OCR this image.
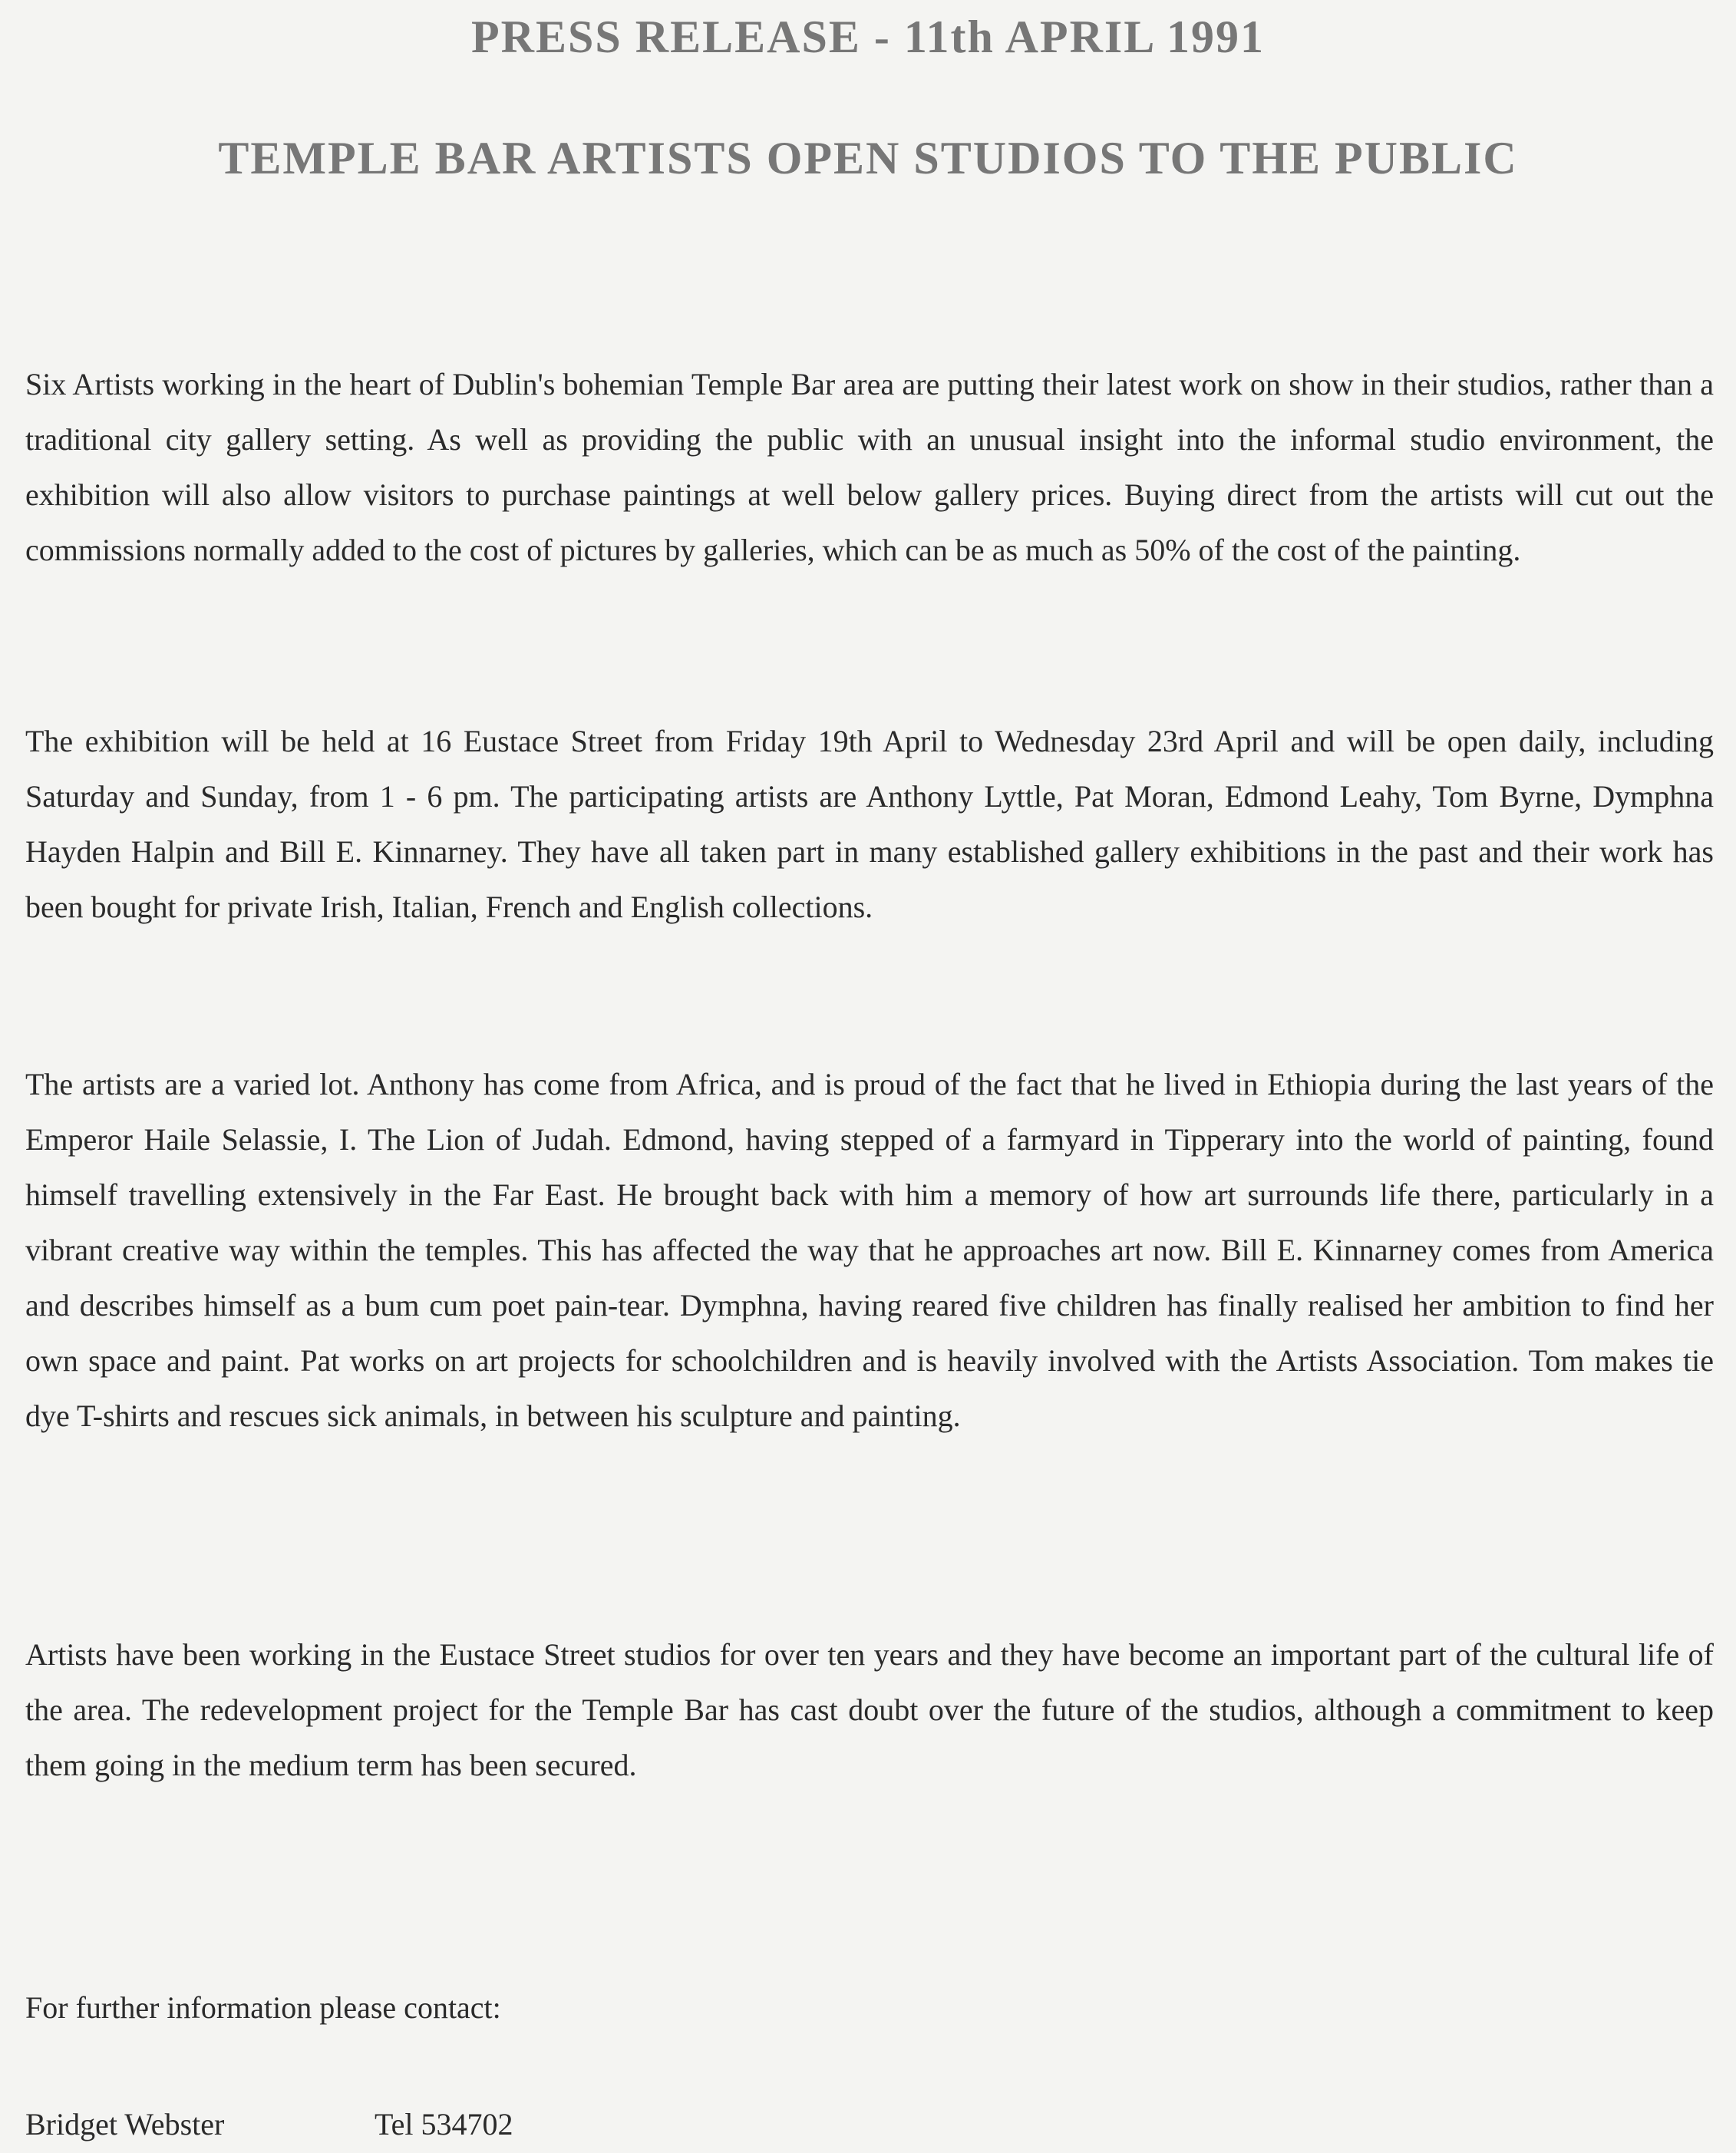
PRESS RELEASE - 11th APRIL 1991
TEMPLE BAR ARTISTS OPEN STUDIOS TO THE PUBLIC

Six Artists working in the heart of Dublin's bohemian Temple Bar area are putting their latest work on show in their studios, rather than a traditional city gallery setting. As well as providing the public with an unusual insight into the informal studio environment, the exhibition will also allow visitors to purchase paintings at well below gallery prices. Buying direct from the artists will cut out the commissions normally added to the cost of pictures by galleries, which can be as much as 50% of the cost of the painting.

The exhibition will be held at 16 Eustace Street from Friday 19th April to Wednesday 23rd April and will be open daily, including Saturday and Sunday, from 1 - 6 pm. The participating artists are Anthony Lyttle, Pat Moran, Edmond Leahy, Tom Byrne, Dymphna Hayden Halpin and Bill E. Kinnarney. They have all taken part in many established gallery exhibitions in the past and their work has been bought for private Irish, Italian, French and English collections.

The artists are a varied lot. Anthony has come from Africa, and is proud of the fact that he lived in Ethiopia during the last years of the Emperor Haile Selassie, I. The Lion of Judah. Edmond, having stepped of a farmyard in Tipperary into the world of painting, found himself travelling extensively in the Far East. He brought back with him a memory of how art surrounds life there, particularly in a vibrant creative way within the temples. This has affected the way that he approaches art now. Bill E. Kinnarney comes from America and describes himself as a bum cum poet pain-tear. Dymphna, having reared five children has finally realised her ambition to find her own space and paint. Pat works on art projects for schoolchildren and is heavily involved with the Artists Association. Tom makes tie dye T-shirts and rescues sick animals, in between his sculpture and painting.

Artists have been working in the Eustace Street studios for over ten years and they have become an important part of the cultural life of the area. The redevelopment project for the Temple Bar has cast doubt over the future of the studios, although a commitment to keep them going in the medium term has been secured.

For further information please contact:
Bridget Webster	Tel 534702
